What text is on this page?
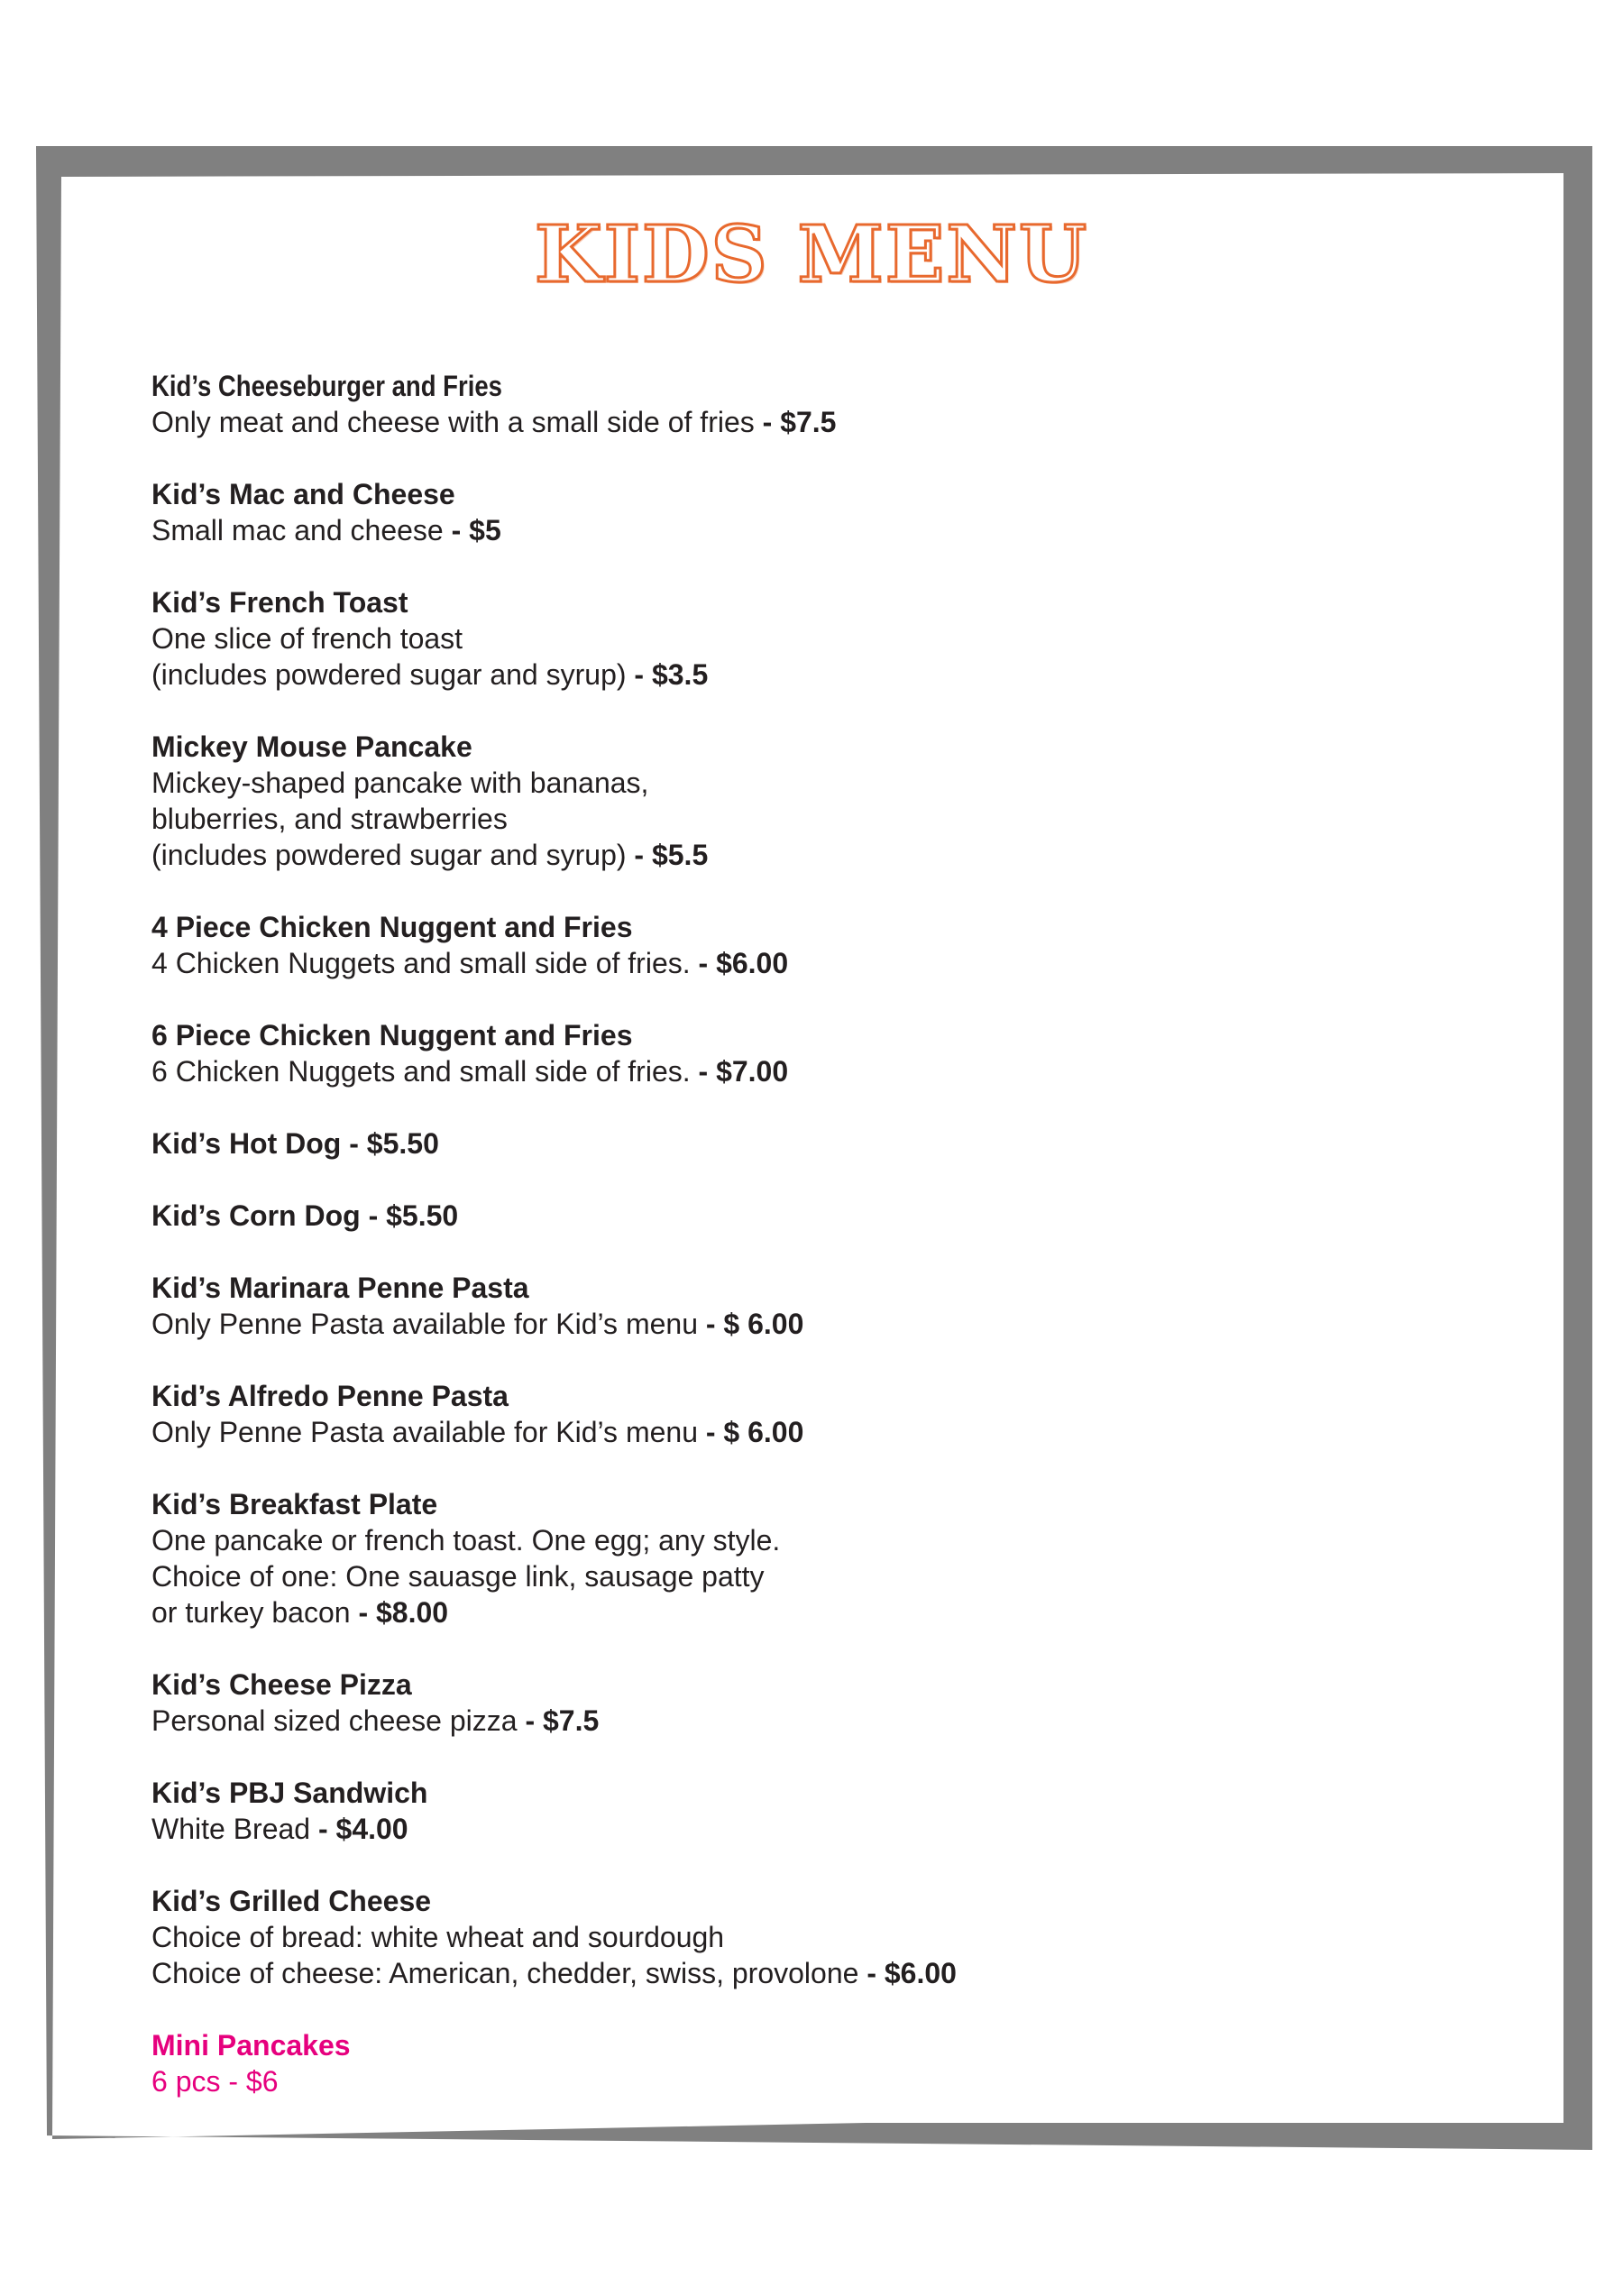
KIDS MENU
Kid’s Cheeseburger and Fries
Only meat and cheese with a small side of fries - $7.5
Kid’s Mac and Cheese
Small mac and cheese - $5
Kid’s French Toast
One slice of french toast
(includes powdered sugar and syrup) - $3.5
Mickey Mouse Pancake
Mickey-shaped pancake with bananas,
bluberries, and strawberries
(includes powdered sugar and syrup) - $5.5
4 Piece Chicken Nuggent and Fries
4 Chicken Nuggets and small side of fries. - $6.00
6 Piece Chicken Nuggent and Fries
6 Chicken Nuggets and small side of fries. - $7.00
Kid’s Hot Dog - $5.50
Kid’s Corn Dog - $5.50
Kid’s Marinara Penne Pasta
Only Penne Pasta available for Kid’s menu - $ 6.00
Kid’s Alfredo Penne Pasta
Only Penne Pasta available for Kid’s menu - $ 6.00
Kid’s Breakfast Plate
One pancake or french toast. One egg; any style.
Choice of one: One sauasge link, sausage patty
or turkey bacon - $8.00
Kid’s Cheese Pizza
Personal sized cheese pizza - $7.5
Kid’s PBJ Sandwich
White Bread - $4.00
Kid’s Grilled Cheese
Choice of bread: white wheat and sourdough
Choice of cheese: American, chedder, swiss, provolone - $6.00
Mini Pancakes
6 pcs - $6
